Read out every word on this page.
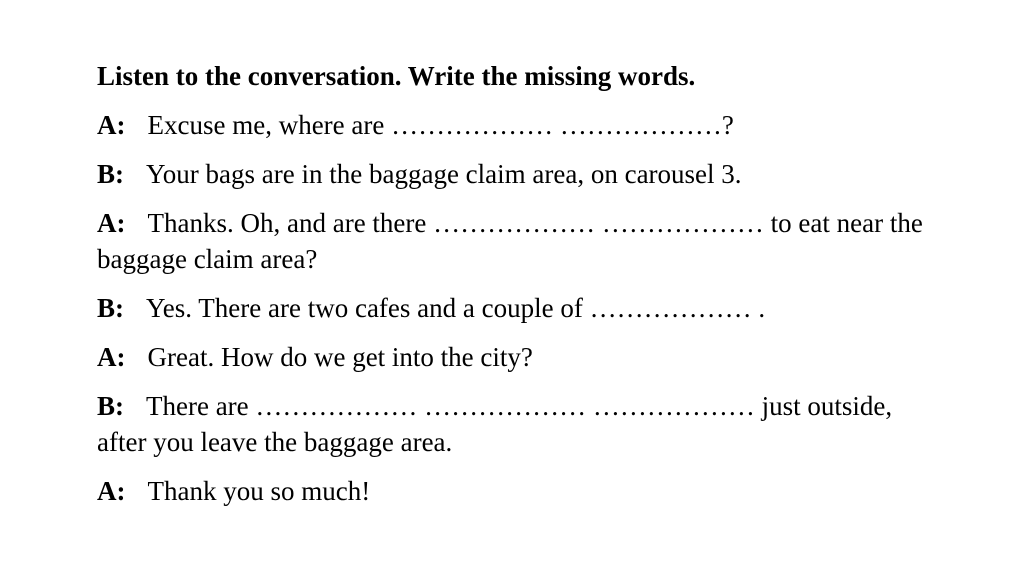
Listen to the conversation. Write the missing words.
A: Excuse me, where are ……………… ………………?
B: Your bags are in the baggage claim area, on carousel 3.
A: Thanks. Oh, and are there ……………… ……………… to eat near the baggage claim area?
B: Yes. There are two cafes and a couple of ……………… .
A: Great. How do we get into the city?
B: There are ……………… ……………… ……………… just outside, after you leave the baggage area.
A: Thank you so much!
